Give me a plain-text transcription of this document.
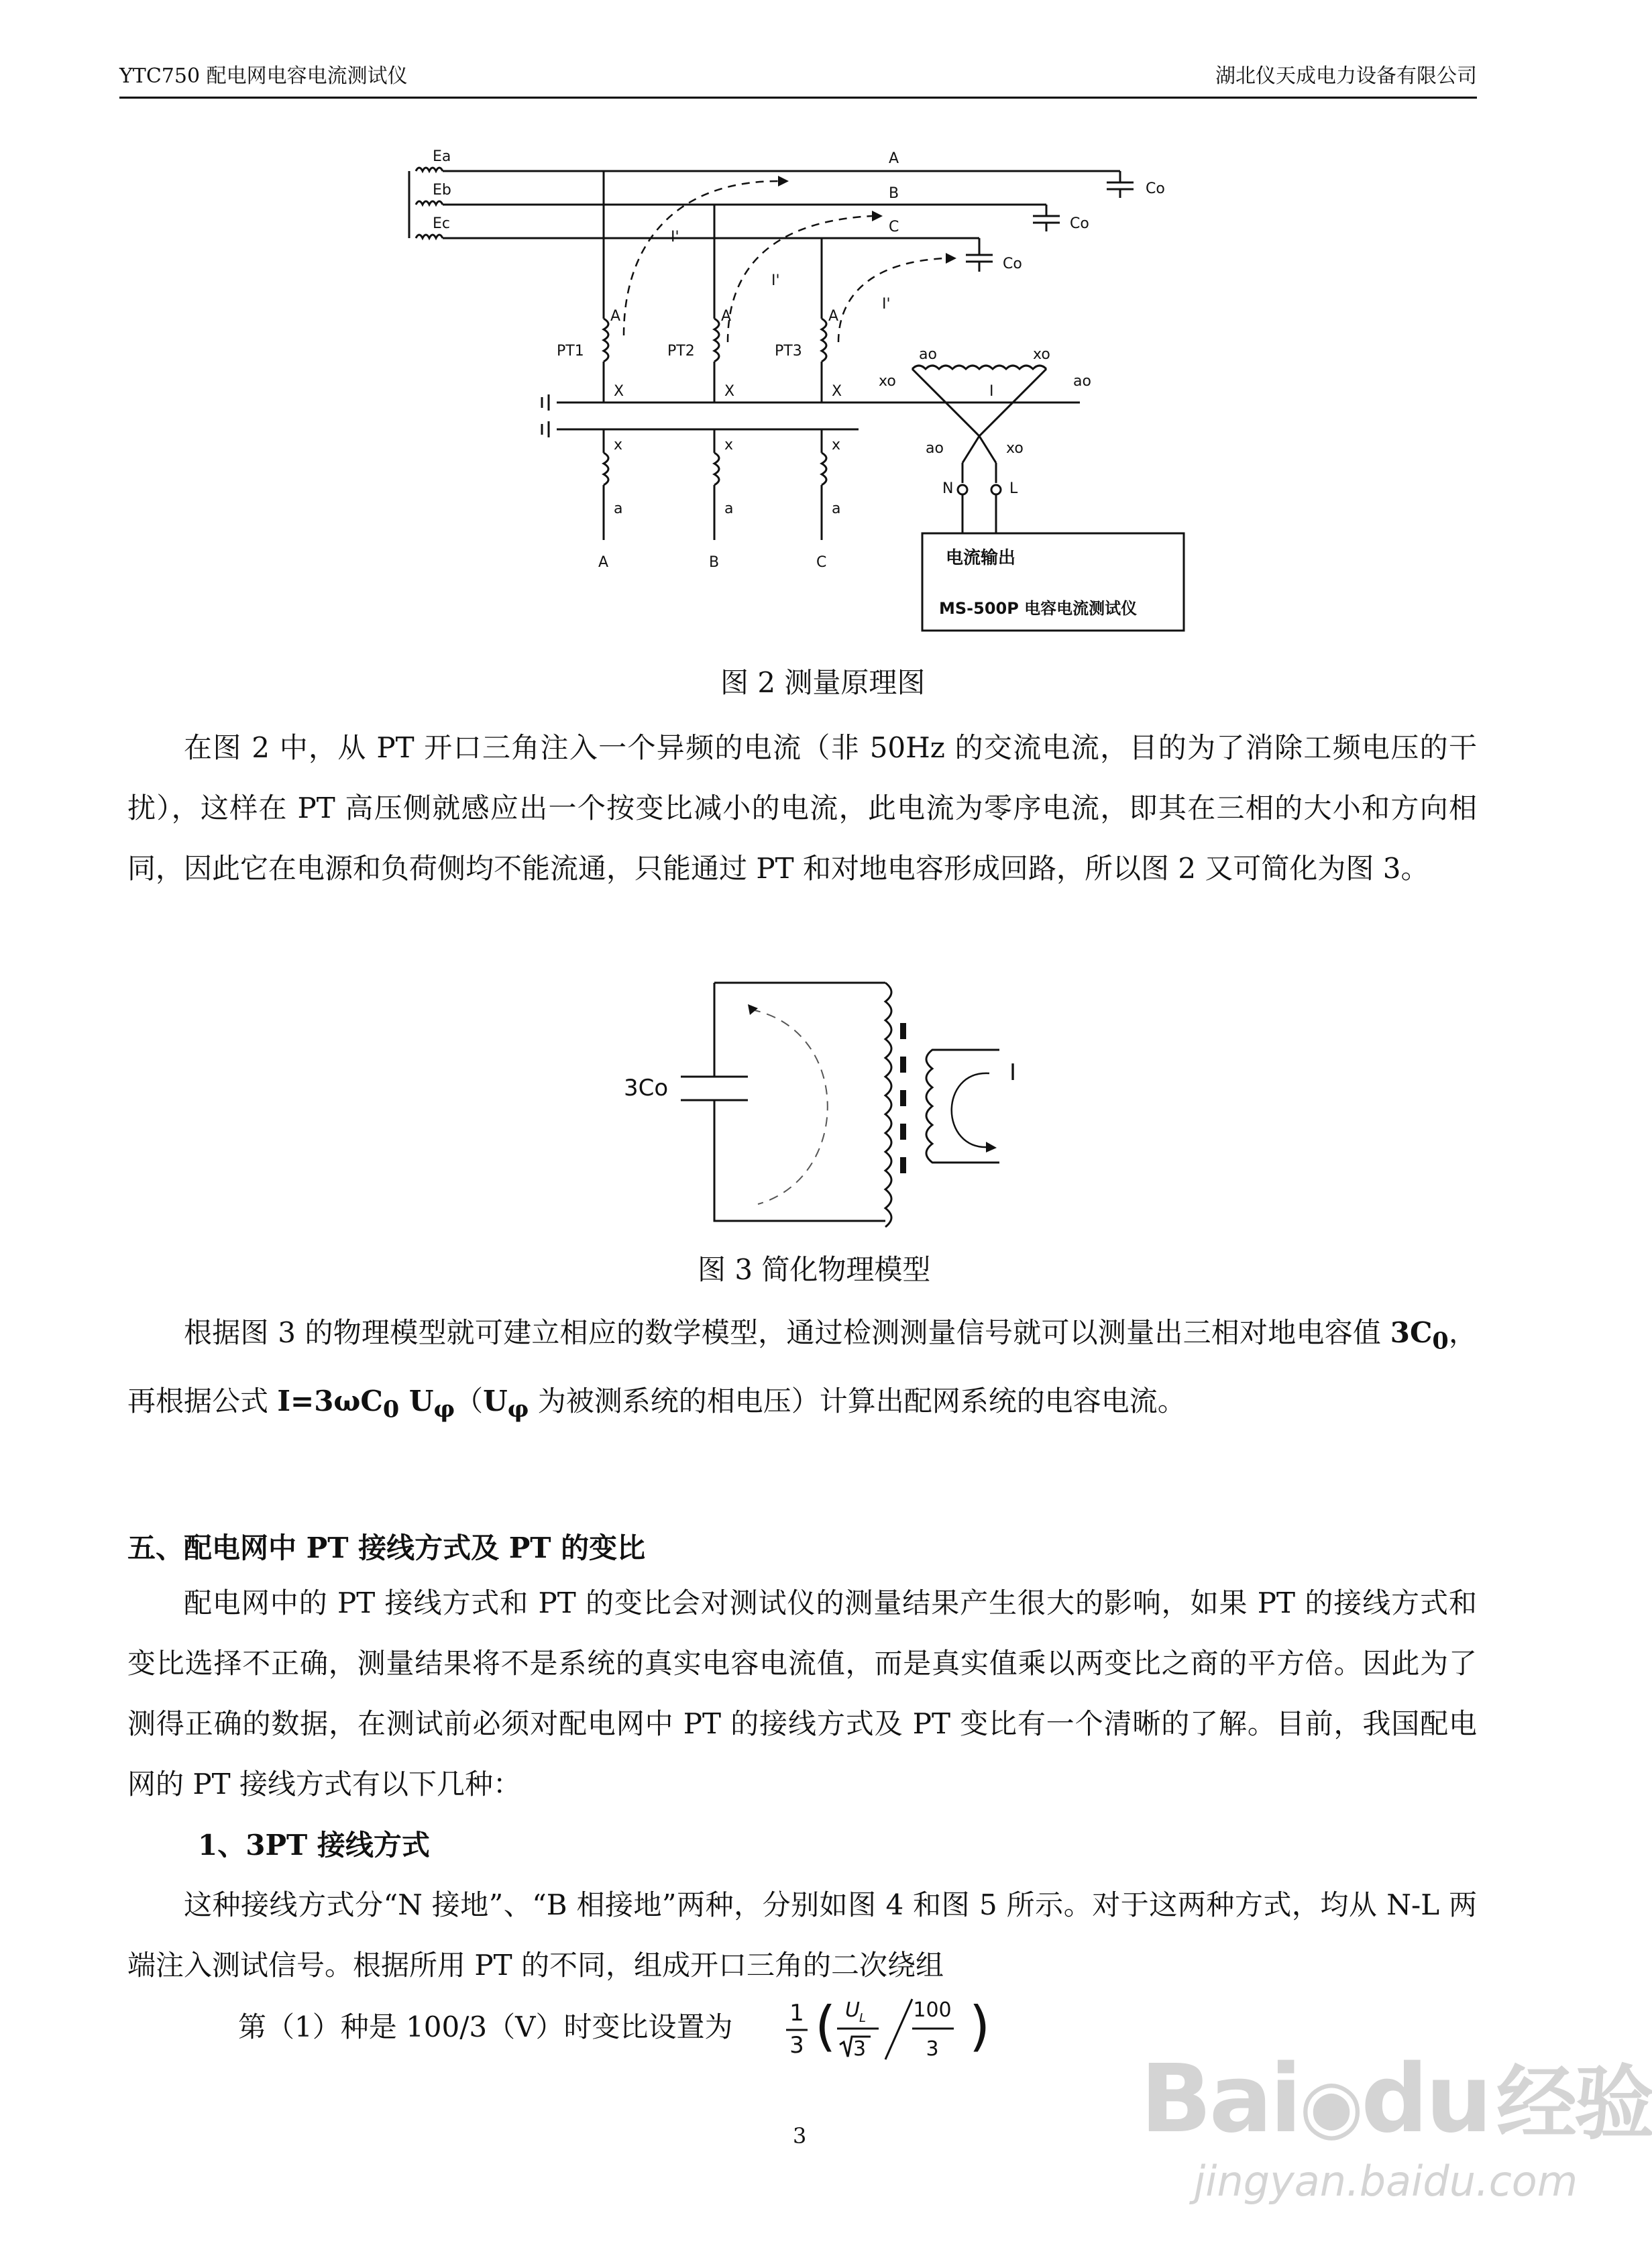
YTC750 配电网电容电流测试仪	湖北仪天成电力设备有限公司
Ea
Eb
Ec
A
B
C
Co
Co
Co
I'
I'
I'
A	A	A
PT1	PT2	PT3
X	X	X
x	x	x
a	a	a
A	B	C
ao	xo
xo	ao
ao	xo
I
N	L
电流输出
MS-500P 电容电流测试仪
图 2 测量原理图

在图 2 中，从 PT 开口三角注入一个异频的电流（非 50Hz 的交流电流，目的为了消除工频电压的干扰），这样在 PT 高压侧就感应出一个按变比减小的电流，此电流为零序电流，即其在三相的大小和方向相同，因此它在电源和负荷侧均不能流通，只能通过 PT 和对地电容形成回路，所以图 2 又可简化为图 3。

3Co
I
图 3 简化物理模型

根据图 3 的物理模型就可建立相应的数学模型，通过检测测量信号就可以测量出三相对地电容值 $3C_0$，再根据公式 $I=3\omega C_0$ $U_\varphi(U_\varphi$ 为被测系统的相电压）计算出配网系统的电容电流。

五、配电网中 PT 接线方式及 PT 的变比

配电网中的 PT 接线方式和 PT 的变比会对测试仪的测量结果产生很大的影响，如果 PT 的接线方式和变比选择不正确，测量结果将不是系统的真实电容电流值，而是真实值乘以两变比之商的平方倍。因此为了测得正确的数据，在测试前必须对配电网中 PT 的接线方式及 PT 变比有一个清晰的了解。目前，我国配电网的 PT 接线方式有以下几种：

1、3PT 接线方式

这种接线方式分“N 接地”、“B 相接地”两种，分别如图 4 和图 5 所示。对于这两种方式，均从 N-L 两端注入测试信号。根据所用 PT 的不同，组成开口三角的二次绕组

第（1）种是 100/3（V）时变比设置为 1
3 ( U L
3
100
3 )
3	Bai◉du经验
jingyan.baidu.com
